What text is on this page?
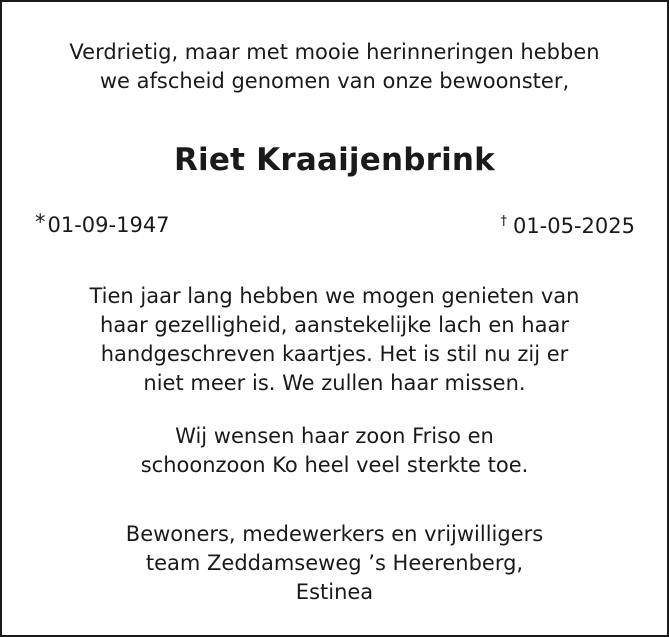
Verdrietig, maar met mooie herinneringen hebben
we afscheid genomen van onze bewoonster,
Riet Kraaijenbrink
*01-09-1947	† 01-05-2025
Tien jaar lang hebben we mogen genieten van
haar gezelligheid, aanstekelijke lach en haar
handgeschreven kaartjes. Het is stil nu zij er
niet meer is. We zullen haar missen.
Wij wensen haar zoon Friso en
schoonzoon Ko heel veel sterkte toe.
Bewoners, medewerkers en vrijwilligers
team Zeddamseweg ’s Heerenberg,
Estinea
